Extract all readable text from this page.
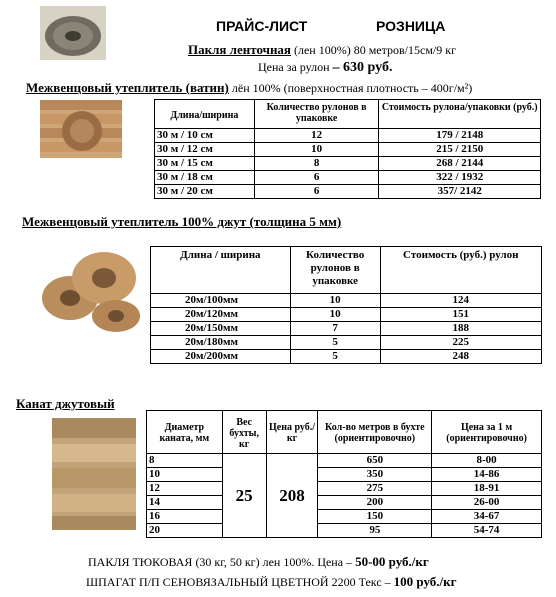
ПРАЙС-ЛИСТ	РОЗНИЦА
Пакля ленточная (лен 100%) 80 метров/15см/9 кг
Цена за рулон – 630 руб.
Межвенцовый утеплитель (ватин) лён 100% (поверхностная плотность – 400г/м²)
Длина/ширина	Количество рулонов в упаковке	Стоимость рулона/упаковки (руб.)
30 м / 10 см	12	179 / 2148
30 м / 12 см	10	215 / 2150
30 м / 15 см	8	268 / 2144
30 м / 18 см	6	322 / 1932
30 м / 20 см	6	357/ 2142
Межвенцовый утеплитель 100% джут (толщина 5 мм)
Длина / ширина	Количество рулонов в упаковке	Стоимость (руб.) рулон
20м/100мм	10	124
20м/120мм	10	151
20м/150мм	7	188
20м/180мм	5	225
20м/200мм	5	248
Канат джутовый
Диаметр каната, мм	Вес бухты, кг	Цена руб./кг	Кол-во метров в бухте (ориентировочно)	Цена за 1 м (ориентировочно)
8	25	208	650	8-00
10			350	14-86
12			275	18-91
14			200	26-00
16			150	34-67
20			95	54-74
ПАКЛЯ ТЮКОВАЯ (30 кг, 50 кг) лен 100%. Цена – 50-00 руб./кг
ШПАГАТ П/П СЕНОВЯЗАЛЬНЫЙ ЦВЕТНОЙ 2200 Текс – 100 руб./кг
